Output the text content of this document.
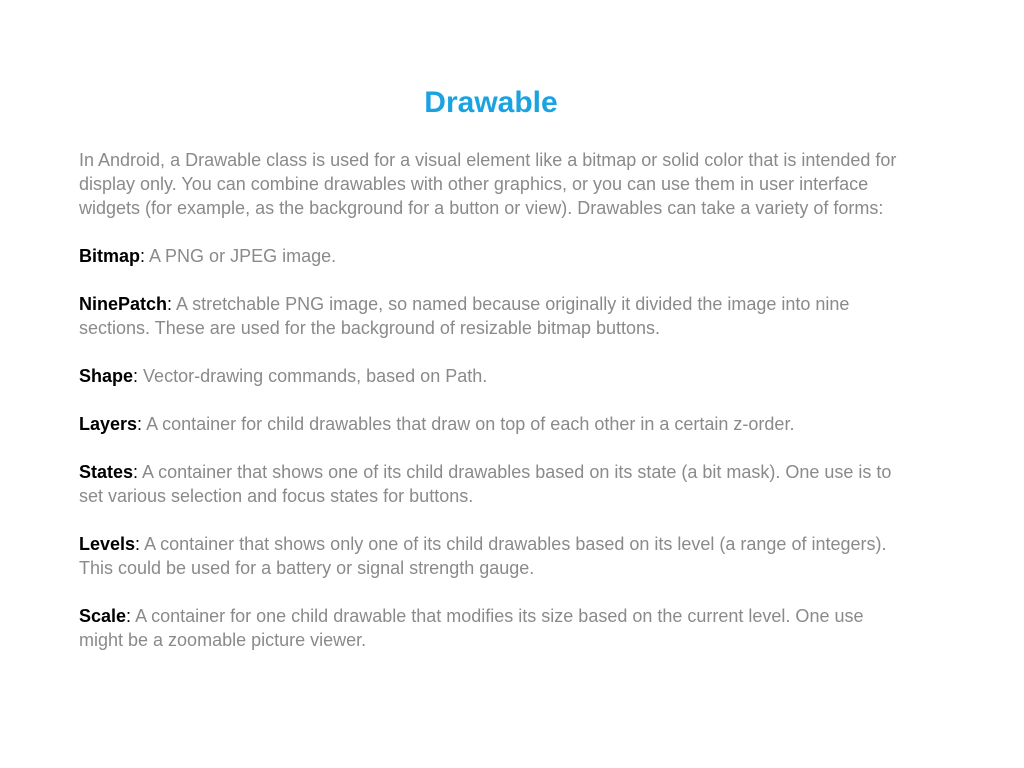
Drawable

In Android, a Drawable class is used for a visual element like a bitmap or solid color that is intended for display only. You can combine drawables with other graphics, or you can use them in user interface widgets (for example, as the background for a button or view). Drawables can take a variety of forms:

Bitmap: A PNG or JPEG image.

NinePatch: A stretchable PNG image, so named because originally it divided the image into nine sections. These are used for the background of resizable bitmap buttons.

Shape: Vector-drawing commands, based on Path.

Layers: A container for child drawables that draw on top of each other in a certain z-order.

States: A container that shows one of its child drawables based on its state (a bit mask). One use is to set various selection and focus states for buttons.

Levels: A container that shows only one of its child drawables based on its level (a range of integers). This could be used for a battery or signal strength gauge.

Scale: A container for one child drawable that modifies its size based on the current level. One use might be a zoomable picture viewer.
